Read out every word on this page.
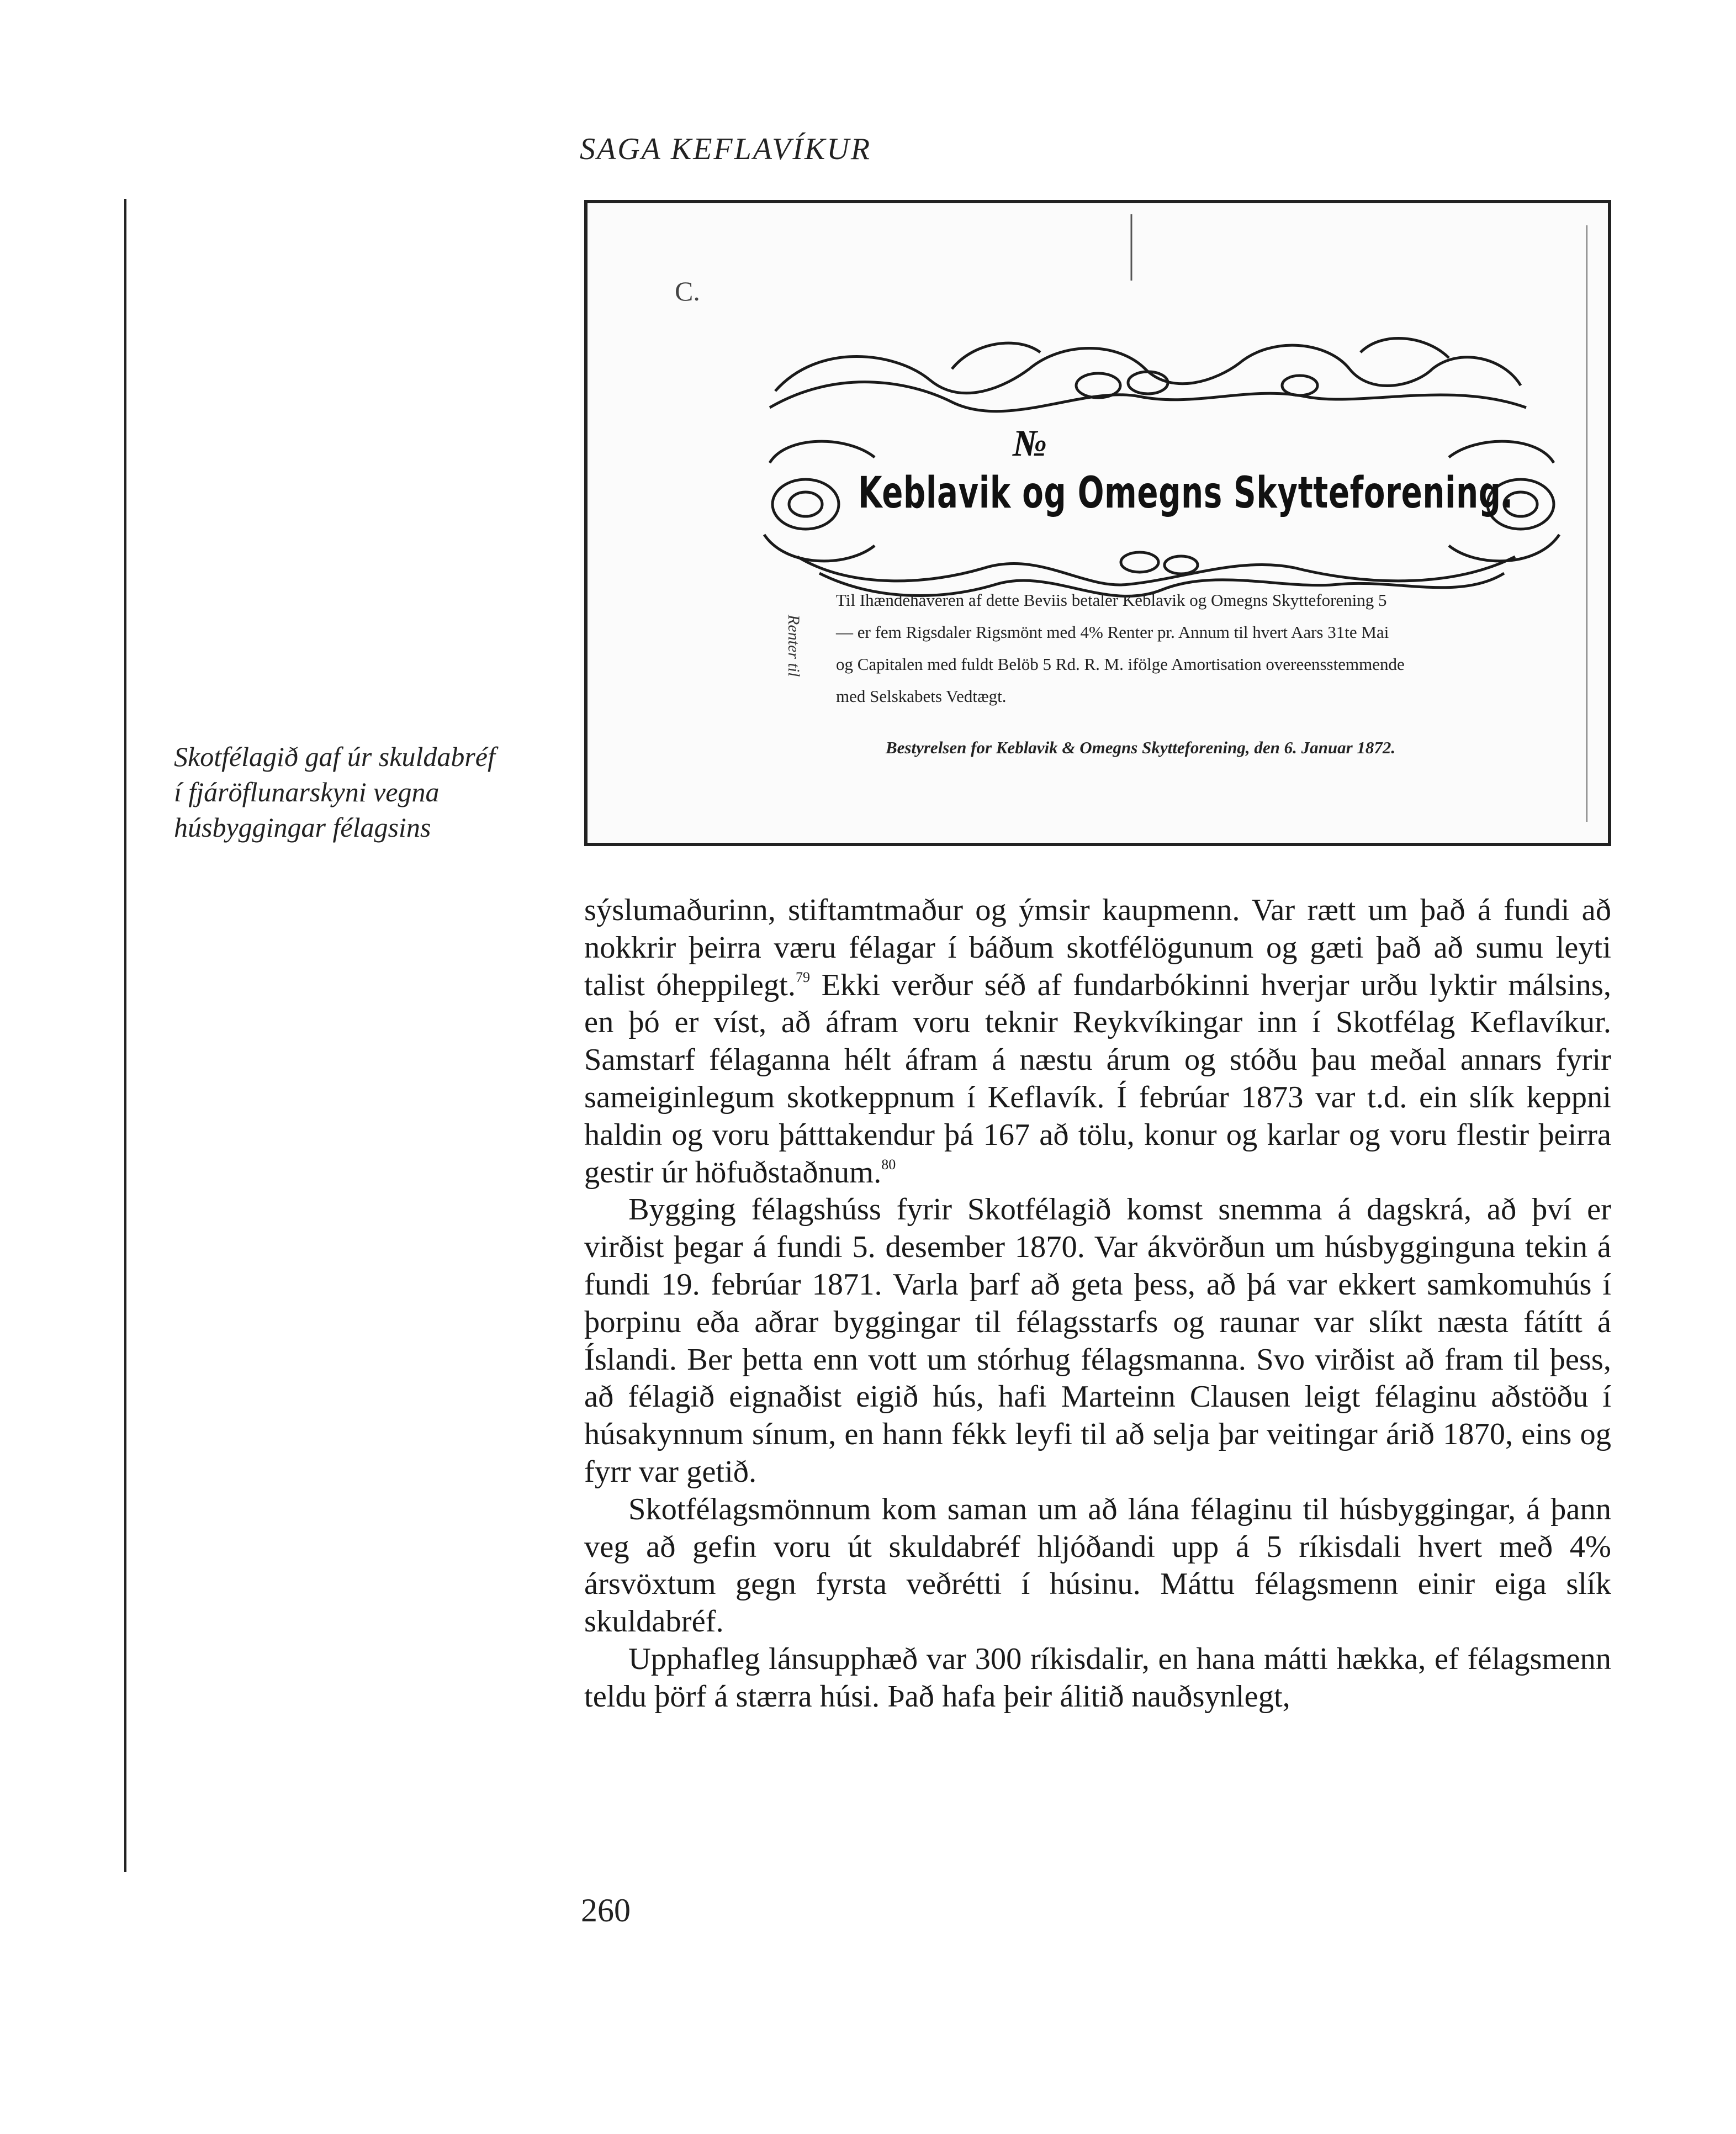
SAGA KEFLAVÍKUR
Skotfélagið gaf úr skuldabréf
í fjáröflunarskyni vegna
húsbyggingar félagsins
C.
№
Keblavik og Omegns Skytteforening.
Renter til
Til Ihændehaveren af dette Beviis betaler Keblavik og Omegns Skytteforening 5
— er fem Rigsdaler Rigsmönt med 4% Renter pr. Annum til hvert Aars 31te Mai
og Capitalen med fuldt Belöb 5 Rd. R. M. ifölge Amortisation overeensstemmende
med Selskabets Vedtægt.
Bestyrelsen for Keblavik & Omegns Skytteforening, den 6. Januar 1872.

sýslumaðurinn, stiftamtmaður og ýmsir kaupmenn. Var rætt um það á fundi að nokkrir þeirra væru félagar í báðum skotfélögunum og gæti það að sumu leyti talist óheppilegt.$^{79}$ Ekki verður séð af fundarbókinni hverjar urðu lyktir málsins, en þó er víst, að áfram voru teknir Reykvíkingar inn í Skotfélag Keflavíkur. Samstarf félaganna hélt áfram á næstu árum og stóðu þau meðal annars fyrir sameiginlegum skotkeppnum í Keflavík. Í febrúar 1873 var t.d. ein slík keppni haldin og voru þátttakendur þá 167 að tölu, konur og karlar og voru flestir þeirra gestir úr höfuðstaðnum.$^{80}$

Bygging félagshúss fyrir Skotfélagið komst snemma á dagskrá, að því er virðist þegar á fundi 5. desember 1870. Var ákvörðun um húsbygginguna tekin á fundi 19. febrúar 1871. Varla þarf að geta þess, að þá var ekkert samkomuhús í þorpinu eða aðrar byggingar til félagsstarfs og raunar var slíkt næsta fátítt á Íslandi. Ber þetta enn vott um stórhug félagsmanna. Svo virðist að fram til þess, að félagið eignaðist eigið hús, hafi Marteinn Clausen leigt félaginu aðstöðu í húsakynnum sínum, en hann fékk leyfi til að selja þar veitingar árið 1870, eins og fyrr var getið.

Skotfélagsmönnum kom saman um að lána félaginu til húsbyggingar, á þann veg að gefin voru út skuldabréf hljóðandi upp á 5 ríkisdali hvert með 4% ársvöxtum gegn fyrsta veðrétti í húsinu. Máttu félagsmenn einir eiga slík skuldabréf.

Upphafleg lánsupphæð var 300 ríkisdalir, en hana mátti hækka, ef félagsmenn teldu þörf á stærra húsi. Það hafa þeir álitið nauðsynlegt,

260
